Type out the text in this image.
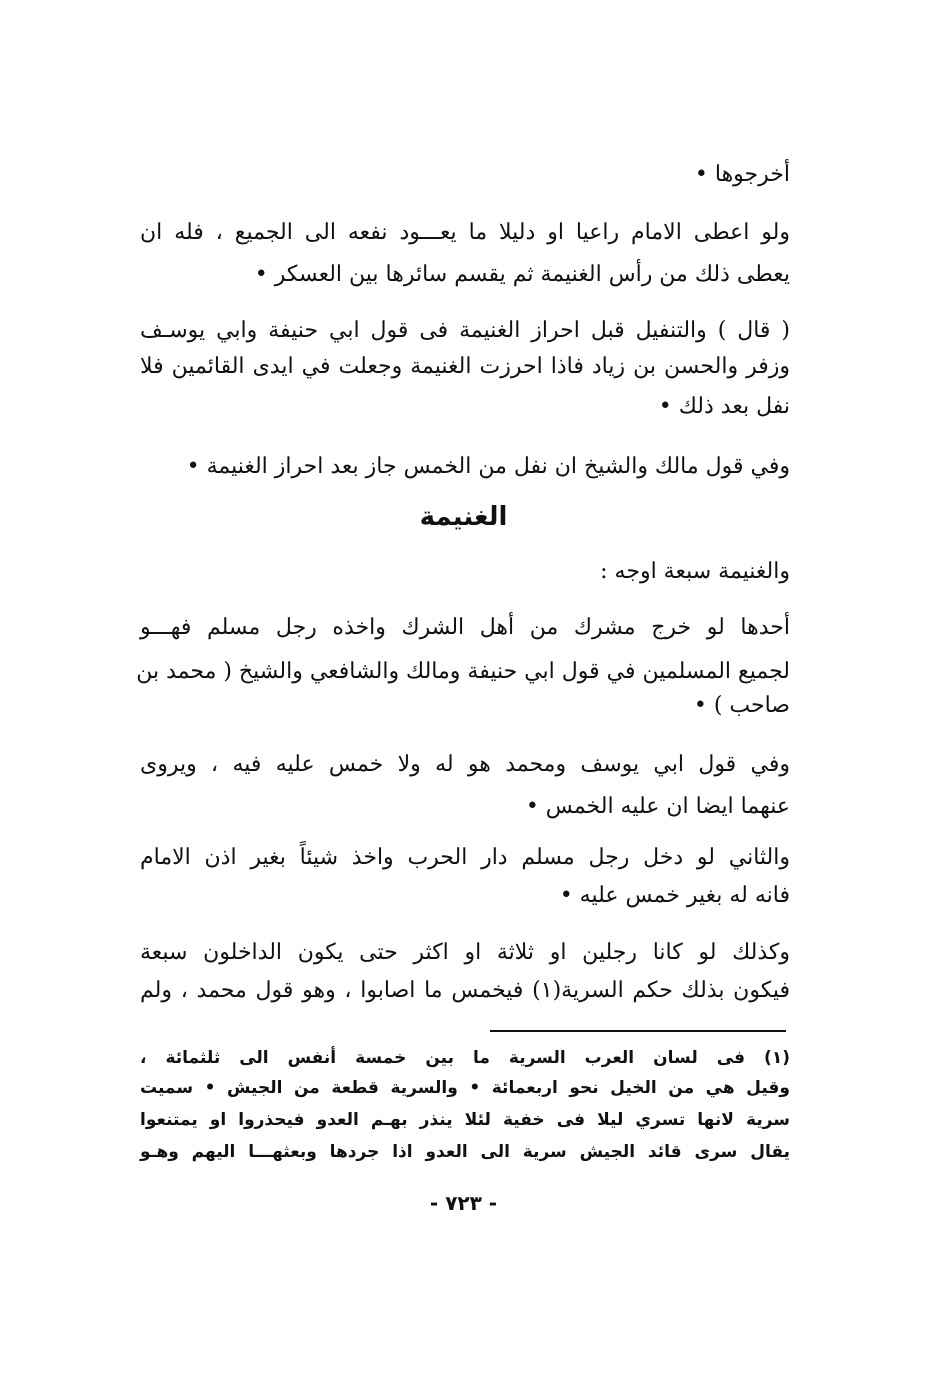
أخرجوها •
ولو اعطى الامام راعيا او دليلا ما يعـــود نفعه الى الجميع ، فله ان
يعطى ذلك من رأس الغنيمة ثم يقسم سائرها بين العسكر •
( قال ) والتنفيل قبل احراز الغنيمة فى قول ابي حنيفة وابي يوسـف
وزفر والحسن بن زياد فاذا احرزت الغنيمة وجعلت في ايدى القائمين فلا
نفل بعد ذلك •
وفي قول مالك والشيخ ان نفل من الخمس جاز بعد احراز الغنيمة •
الغنيمة
والغنيمة سبعة اوجه :
أحدها لو خرج مشرك من أهل الشرك واخذه رجل مسلم فهـــو
لجميع المسلمين في قول ابي حنيفة ومالك والشافعي والشيخ ( محمد بن
صاحب ) •
وفي قول ابي يوسف ومحمد هو له ولا خمس عليه فيه ، ويروى
عنهما ايضا ان عليه الخمس •
والثاني لو دخل رجل مسلم دار الحرب واخذ شيئاً بغير اذن الامام
فانه له بغير خمس عليه •
وكذلك لو كانا رجلين او ثلاثة او اكثر حتى يكون الداخلون سبعة
فيكون بذلك حكم السرية(١) فيخمس ما اصابوا ، وهو قول محمد ، ولم
(١) فى لسان العرب السرية ما بين خمسة أنفس الى ثلثمائة ،
وقيل هي من الخيل نحو اربعمائة • والسرية قطعة من الجيش • سميت
سرية لانها تسري ليلا فى خفية لئلا ينذر بهـم العدو فيحذروا او يمتنعوا
يقال سرى قائد الجيش سرية الى العدو اذا جردها وبعثهـــا اليهم وهـو
- ٧٢٣ -
